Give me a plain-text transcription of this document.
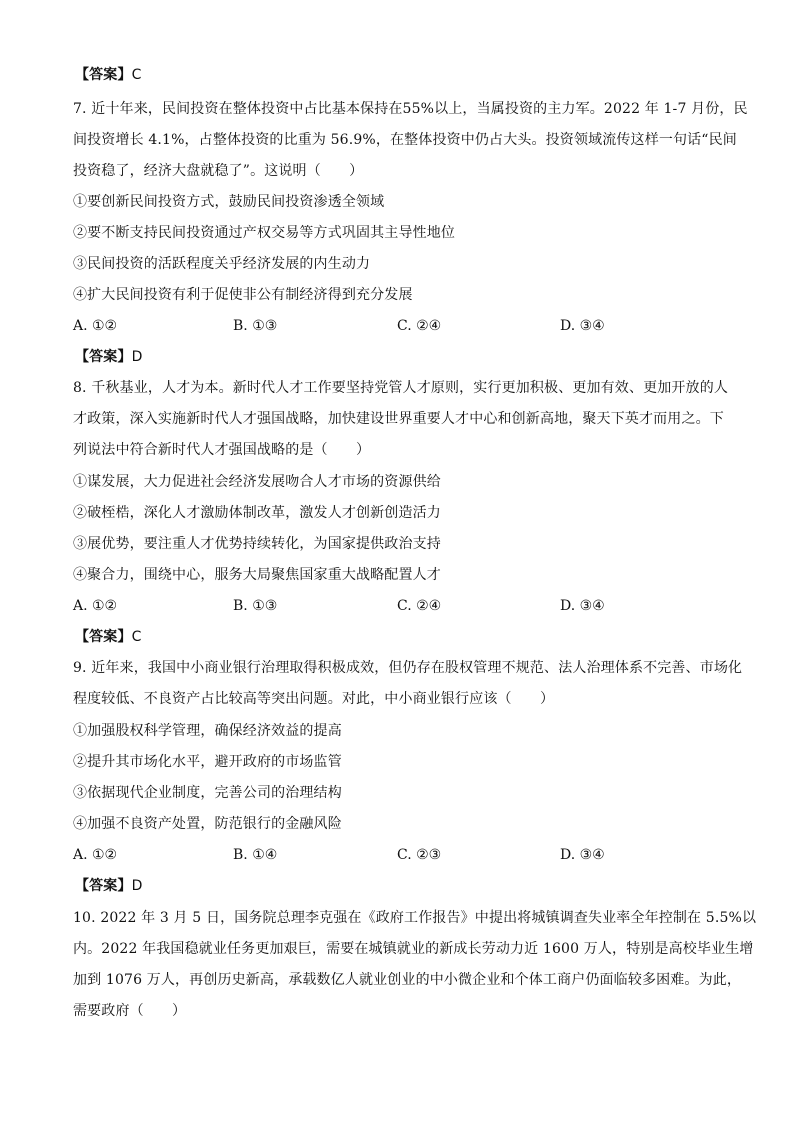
【答案】C
7. 近十年来，民间投资在整体投资中占比基本保持在55%以上，当属投资的主力军。2022 年 1-7 月份，民
间投资增长 4.1%，占整体投资的比重为 56.9%，在整体投资中仍占大头。投资领域流传这样一句话“民间
投资稳了，经济大盘就稳了”。这说明（　　）
①要创新民间投资方式，鼓励民间投资渗透全领域
②要不断支持民间投资通过产权交易等方式巩固其主导性地位
③民间投资的活跃程度关乎经济发展的内生动力
④扩大民间投资有利于促使非公有制经济得到充分发展
A. ①②	B. ①③	C. ②④	D. ③④
【答案】D
8. 千秋基业，人才为本。新时代人才工作要坚持党管人才原则，实行更加积极、更加有效、更加开放的人
才政策，深入实施新时代人才强国战略，加快建设世界重要人才中心和创新高地，聚天下英才而用之。下
列说法中符合新时代人才强国战略的是（　　）
①谋发展，大力促进社会经济发展吻合人才市场的资源供给
②破桎梏，深化人才激励体制改革，激发人才创新创造活力
③展优势，要注重人才优势持续转化，为国家提供政治支持
④聚合力，围绕中心，服务大局聚焦国家重大战略配置人才
A. ①②	B. ①③	C. ②④	D. ③④
【答案】C
9. 近年来，我国中小商业银行治理取得积极成效，但仍存在股权管理不规范、法人治理体系不完善、市场化
程度较低、不良资产占比较高等突出问题。对此，中小商业银行应该（　　）
①加强股权科学管理，确保经济效益的提高
②提升其市场化水平，避开政府的市场监管
③依据现代企业制度，完善公司的治理结构
④加强不良资产处置，防范银行的金融风险
A. ①②	B. ①④	C. ②③	D. ③④
【答案】D
10. 2022 年 3 月 5 日，国务院总理李克强在《政府工作报告》中提出将城镇调查失业率全年控制在 5.5%以
内。2022 年我国稳就业任务更加艰巨，需要在城镇就业的新成长劳动力近 1600 万人，特别是高校毕业生增
加到 1076 万人，再创历史新高，承载数亿人就业创业的中小微企业和个体工商户仍面临较多困难。为此，
需要政府（　　）
